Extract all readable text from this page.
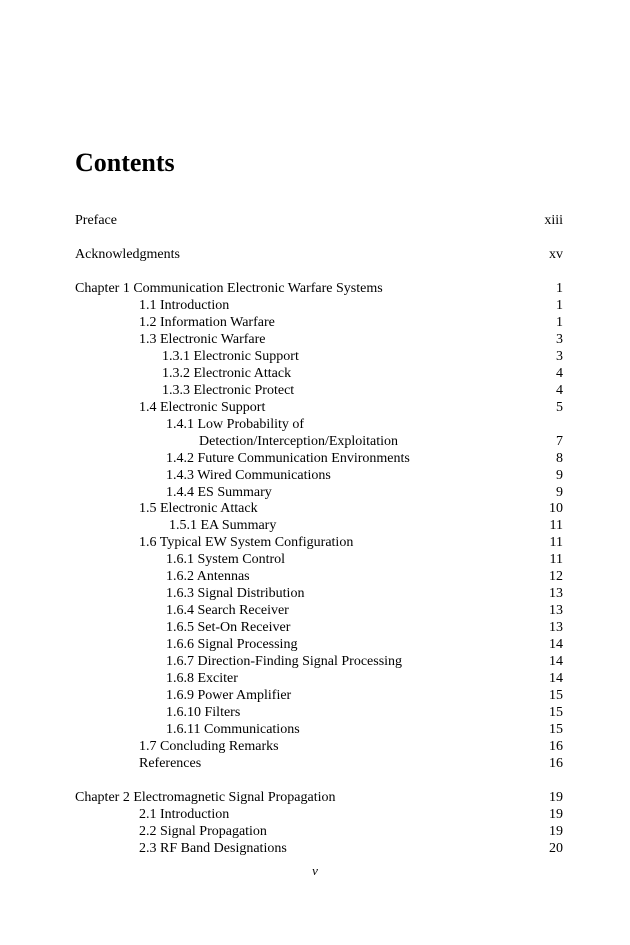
Contents
Preface	xiii
Acknowledgments	xv
Chapter 1 Communication Electronic Warfare Systems	1
1.1 Introduction	1
1.2 Information Warfare	1
1.3 Electronic Warfare	3
1.3.1 Electronic Support	3
1.3.2 Electronic Attack	4
1.3.3 Electronic Protect	4
1.4 Electronic Support	5
1.4.1 Low Probability of
Detection/Interception/Exploitation	7
1.4.2 Future Communication Environments	8
1.4.3 Wired Communications	9
1.4.4 ES Summary	9
1.5 Electronic Attack	10
1.5.1 EA Summary	11
1.6 Typical EW System Configuration	11
1.6.1 System Control	11
1.6.2 Antennas	12
1.6.3 Signal Distribution	13
1.6.4 Search Receiver	13
1.6.5 Set-On Receiver	13
1.6.6 Signal Processing	14
1.6.7 Direction-Finding Signal Processing	14
1.6.8 Exciter	14
1.6.9 Power Amplifier	15
1.6.10 Filters	15
1.6.11 Communications	15
1.7 Concluding Remarks	16
References	16
Chapter 2 Electromagnetic Signal Propagation	19
2.1 Introduction	19
2.2 Signal Propagation	19
2.3 RF Band Designations	20
v
